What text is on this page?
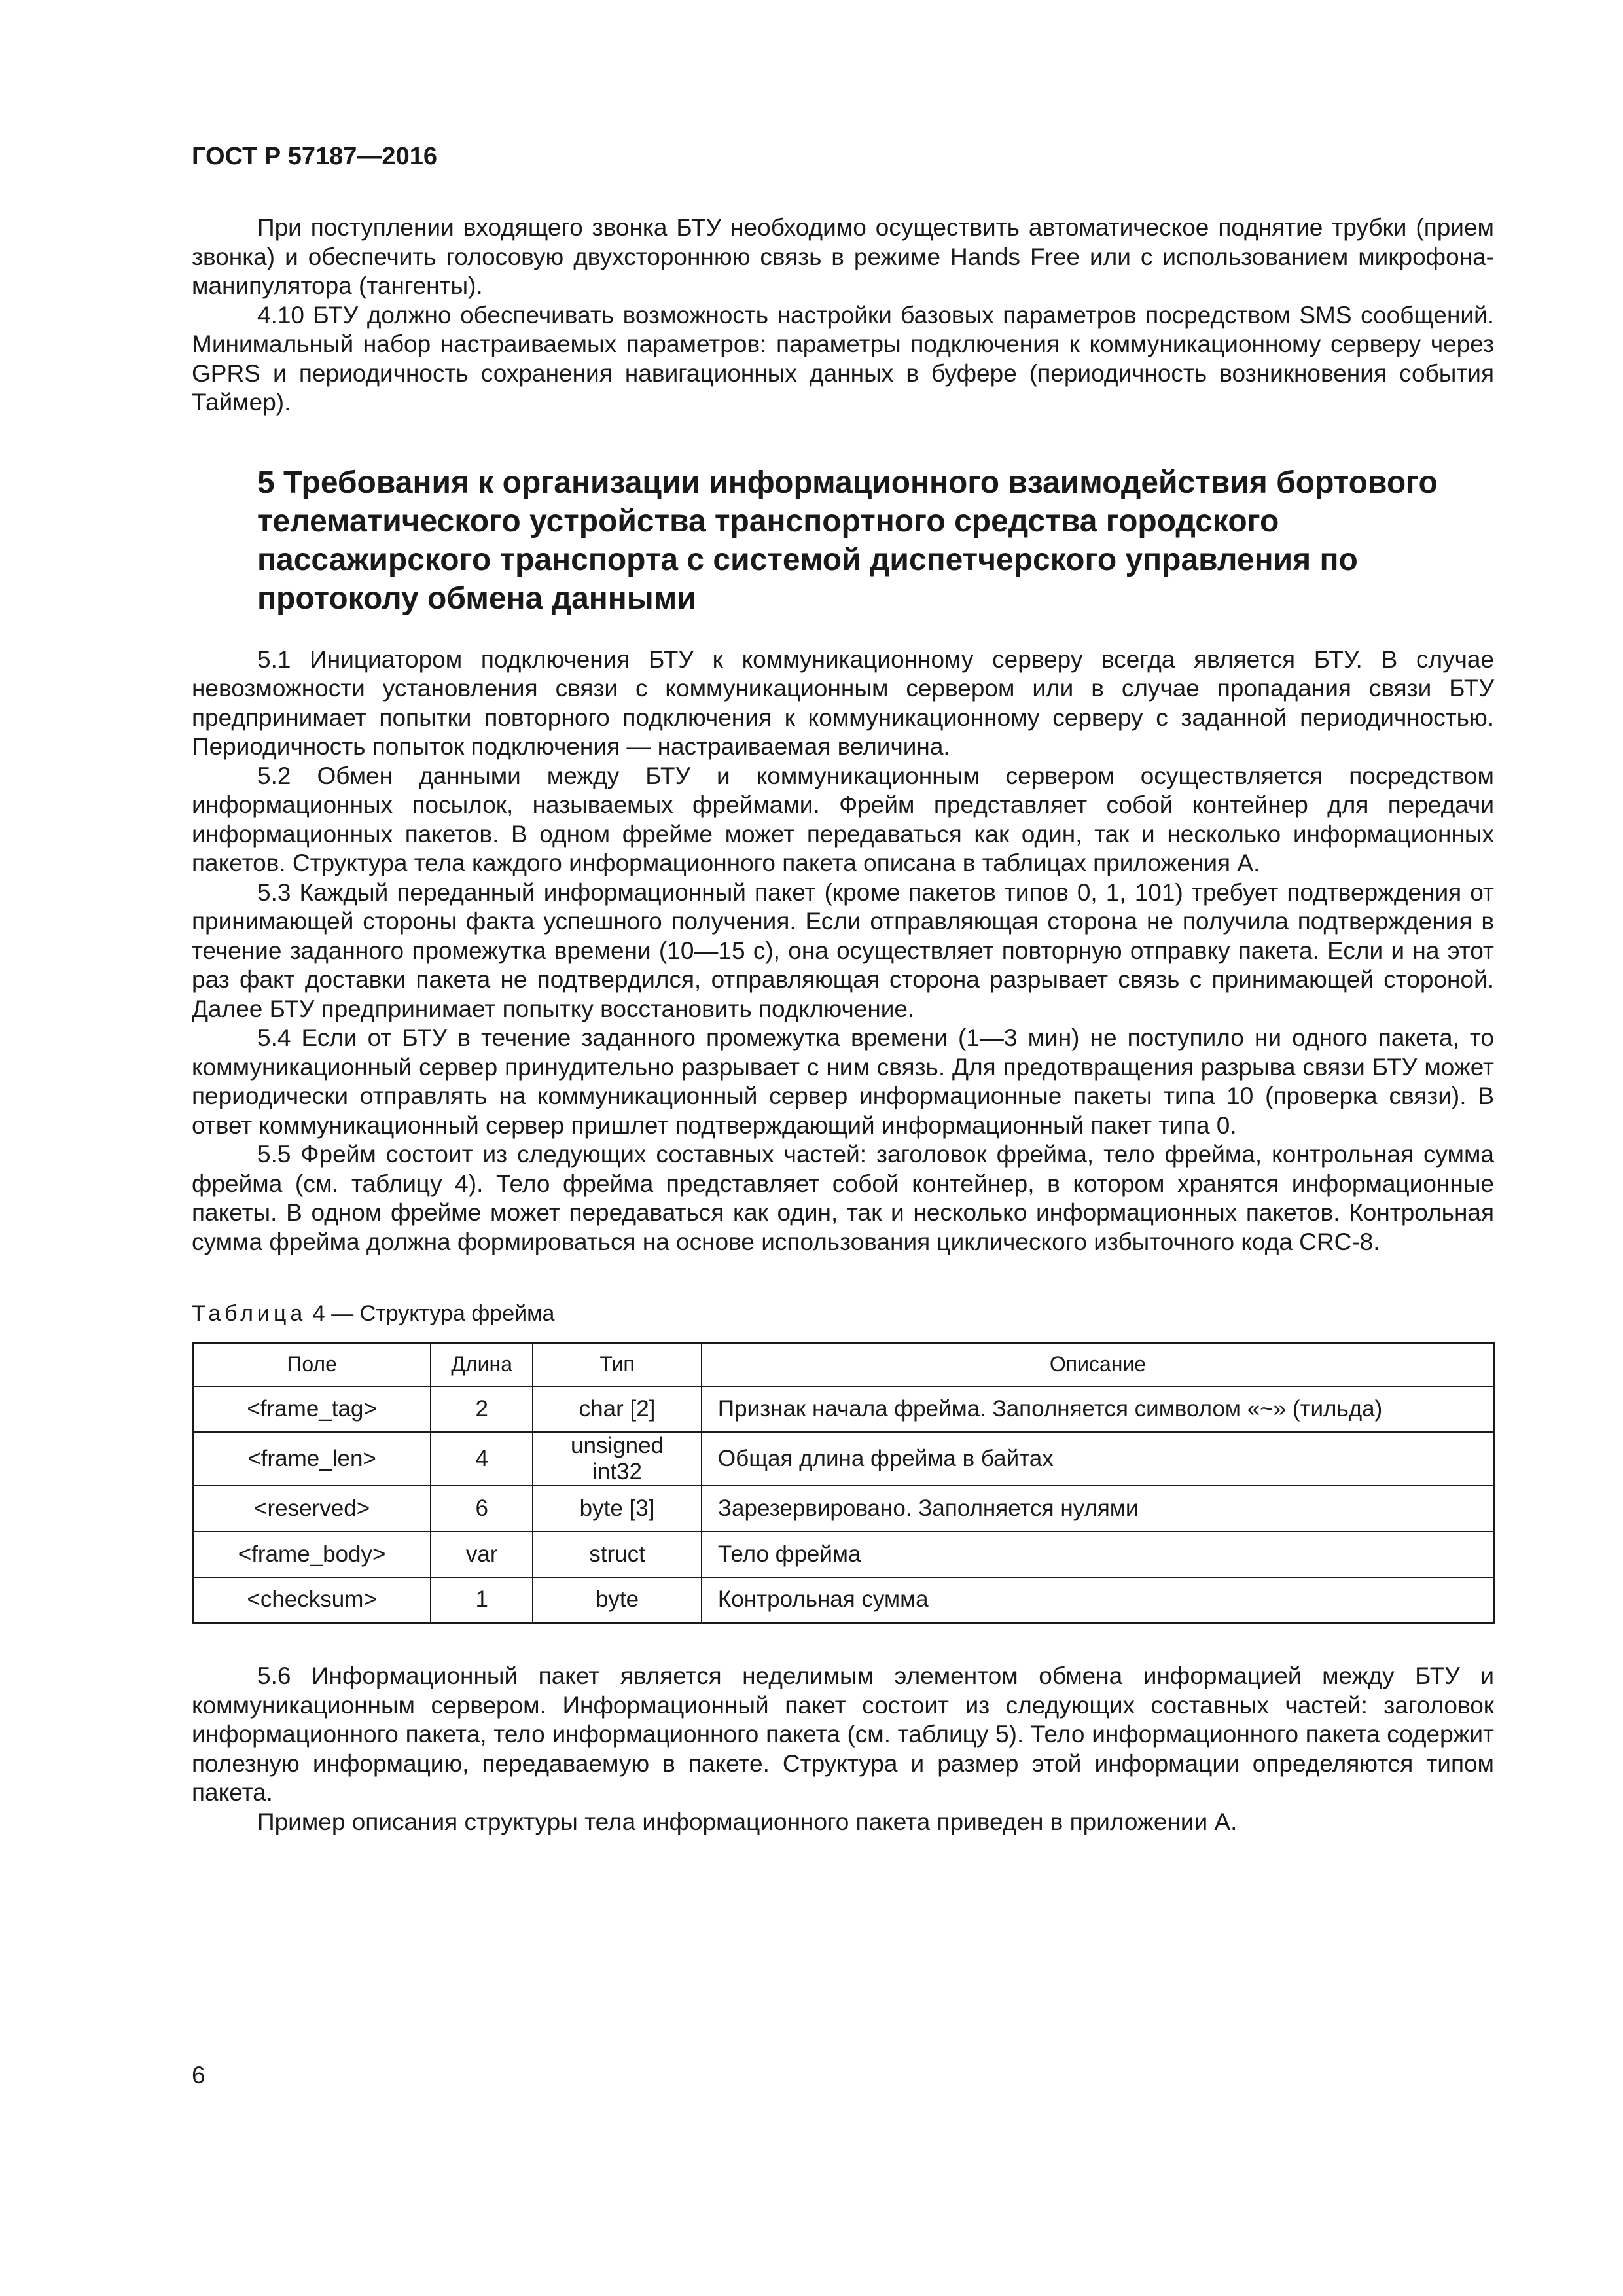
ГОСТ Р 57187—2016

При поступлении входящего звонка БТУ необходимо осуществить автоматическое поднятие трубки (прием звонка) и обеспечить голосовую двухстороннюю связь в режиме Hands Free или с использованием микрофона-манипулятора (тангенты).

4.10 БТУ должно обеспечивать возможность настройки базовых параметров посредством SMS сообщений. Минимальный набор настраиваемых параметров: параметры подключения к коммуникационному серверу через GPRS и периодичность сохранения навигационных данных в буфере (периодичность возникновения события Таймер).

5 Требования к организации информационного взаимодействия бортового телематического устройства транспортного средства городского пассажирского транспорта с системой диспетчерского управления по протоколу обмена данными

5.1 Инициатором подключения БТУ к коммуникационному серверу всегда является БТУ. В случае невозможности установления связи с коммуникационным сервером или в случае пропадания связи БТУ предпринимает попытки повторного подключения к коммуникационному серверу с заданной периодичностью. Периодичность попыток подключения — настраиваемая величина.

5.2 Обмен данными между БТУ и коммуникационным сервером осуществляется посредством информационных посылок, называемых фреймами. Фрейм представляет собой контейнер для передачи информационных пакетов. В одном фрейме может передаваться как один, так и несколько информационных пакетов. Структура тела каждого информационного пакета описана в таблицах приложения А.

5.3 Каждый переданный информационный пакет (кроме пакетов типов 0, 1, 101) требует подтверждения от принимающей стороны факта успешного получения. Если отправляющая сторона не получила подтверждения в течение заданного промежутка времени (10—15 с), она осуществляет повторную отправку пакета. Если и на этот раз факт доставки пакета не подтвердился, отправляющая сторона разрывает связь с принимающей стороной. Далее БТУ предпринимает попытку восстановить подключение.

5.4 Если от БТУ в течение заданного промежутка времени (1—3 мин) не поступило ни одного пакета, то коммуникационный сервер принудительно разрывает с ним связь. Для предотвращения разрыва связи БТУ может периодически отправлять на коммуникационный сервер информационные пакеты типа 10 (проверка связи). В ответ коммуникационный сервер пришлет подтверждающий информационный пакет типа 0.

5.5 Фрейм состоит из следующих составных частей: заголовок фрейма, тело фрейма, контрольная сумма фрейма (см. таблицу 4). Тело фрейма представляет собой контейнер, в котором хранятся информационные пакеты. В одном фрейме может передаваться как один, так и несколько информационных пакетов. Контрольная сумма фрейма должна формироваться на основе использования циклического избыточного кода CRC-8.

Таблица 4 — Структура фрейма
Поле	Длина	Тип	Описание
<frame_tag>	2	char [2]	Признак начала фрейма. Заполняется символом «~» (тильда)
<frame_len>	4	unsigned int32	Общая длина фрейма в байтах
<reserved>	6	byte [3]	Зарезервировано. Заполняется нулями
<frame_body>	var	struct	Тело фрейма
<checksum>	1	byte	Контрольная сумма

5.6 Информационный пакет является неделимым элементом обмена информацией между БТУ и коммуникационным сервером. Информационный пакет состоит из следующих составных частей: заголовок информационного пакета, тело информационного пакета (см. таблицу 5). Тело информационного пакета содержит полезную информацию, передаваемую в пакете. Структура и размер этой информации определяются типом пакета.

Пример описания структуры тела информационного пакета приведен в приложении А.

6
